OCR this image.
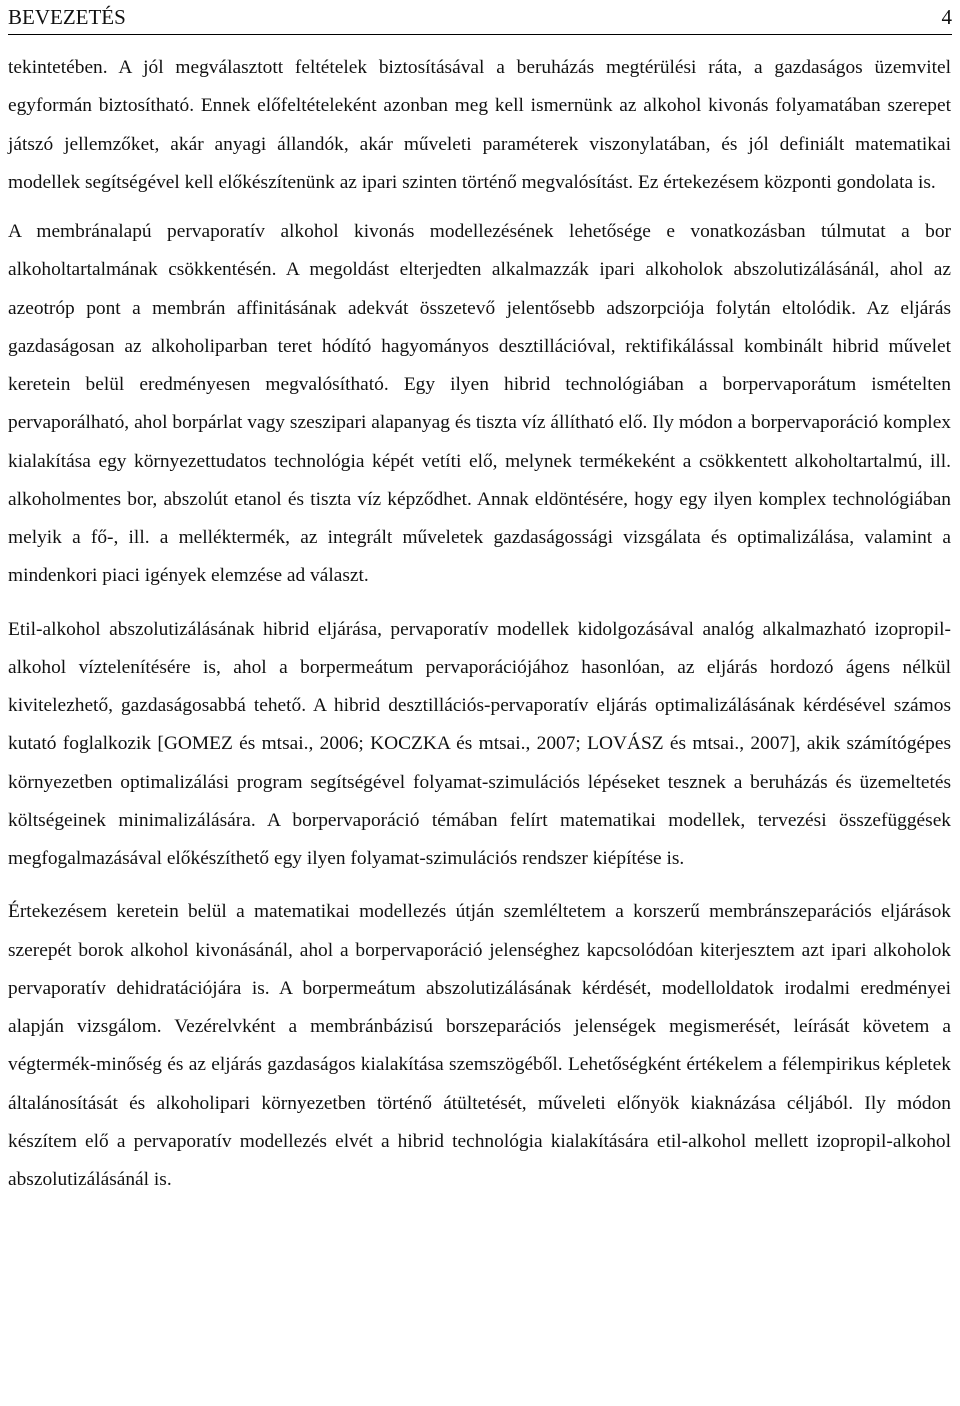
BEVEZETÉS	4

tekintetében. A jól megválasztott feltételek biztosításával a beruházás megtérülési ráta, a gazdaságos üzemvitel egyformán biztosítható. Ennek előfeltételeként azonban meg kell ismernünk az alkohol kivonás folyamatában szerepet játszó jellemzőket, akár anyagi állandók, akár műveleti paraméterek viszonylatában, és jól definiált matematikai modellek segítségével kell előkészítenünk az ipari szinten történő megvalósítást. Ez értekezésem központi gondolata is.

A membránalapú pervaporatív alkohol kivonás modellezésének lehetősége e vonatkozásban túlmutat a bor alkoholtartalmának csökkentésén. A megoldást elterjedten alkalmazzák ipari alkoholok abszolutizálásánál, ahol az azeotróp pont a membrán affinitásának adekvát összetevő jelentősebb adszorpciója folytán eltolódik. Az eljárás gazdaságosan az alkoholiparban teret hódító hagyományos desztillációval, rektifikálással kombinált hibrid művelet keretein belül eredményesen megvalósítható. Egy ilyen hibrid technológiában a borpervaporátum ismételten pervaporálható, ahol borpárlat vagy szeszipari alapanyag és tiszta víz állítható elő. Ily módon a borpervaporáció komplex kialakítása egy környezettudatos technológia képét vetíti elő, melynek termékeként a csökkentett alkoholtartalmú, ill. alkoholmentes bor, abszolút etanol és tiszta víz képződhet. Annak eldöntésére, hogy egy ilyen komplex technológiában melyik a fő-, ill. a melléktermék, az integrált műveletek gazdaságossági vizsgálata és optimalizálása, valamint a mindenkori piaci igények elemzése ad választ.

Etil-alkohol abszolutizálásának hibrid eljárása, pervaporatív modellek kidolgozásával analóg alkalmazható izopropil-alkohol víztelenítésére is, ahol a borpermeátum pervaporációjához hasonlóan, az eljárás hordozó ágens nélkül kivitelezhető, gazdaságosabbá tehető. A hibrid desztillációs-pervaporatív eljárás optimalizálásának kérdésével számos kutató foglalkozik [GOMEZ és mtsai., 2006; KOCZKA és mtsai., 2007; LOVÁSZ és mtsai., 2007], akik számítógépes környezetben optimalizálási program segítségével folyamat-szimulációs lépéseket tesznek a beruházás és üzemeltetés költségeinek minimalizálására. A borpervaporáció témában felírt matematikai modellek, tervezési összefüggések megfogalmazásával előkészíthető egy ilyen folyamat-szimulációs rendszer kiépítése is.

Értekezésem keretein belül a matematikai modellezés útján szemléltetem a korszerű membránszeparációs eljárások szerepét borok alkohol kivonásánál, ahol a borpervaporáció jelenséghez kapcsolódóan kiterjesztem azt ipari alkoholok pervaporatív dehidratációjára is. A borpermeátum abszolutizálásának kérdését, modelloldatok irodalmi eredményei alapján vizsgálom. Vezérelvként a membránbázisú borszeparációs jelenségek megismerését, leírását követem a végtermék-minőség és az eljárás gazdaságos kialakítása szemszögéből. Lehetőségként értékelem a félempirikus képletek általánosítását és alkoholipari környezetben történő átültetését, műveleti előnyök kiaknázása céljából. Ily módon készítem elő a pervaporatív modellezés elvét a hibrid technológia kialakítására etil-alkohol mellett izopropil-alkohol abszolutizálásánál is.
